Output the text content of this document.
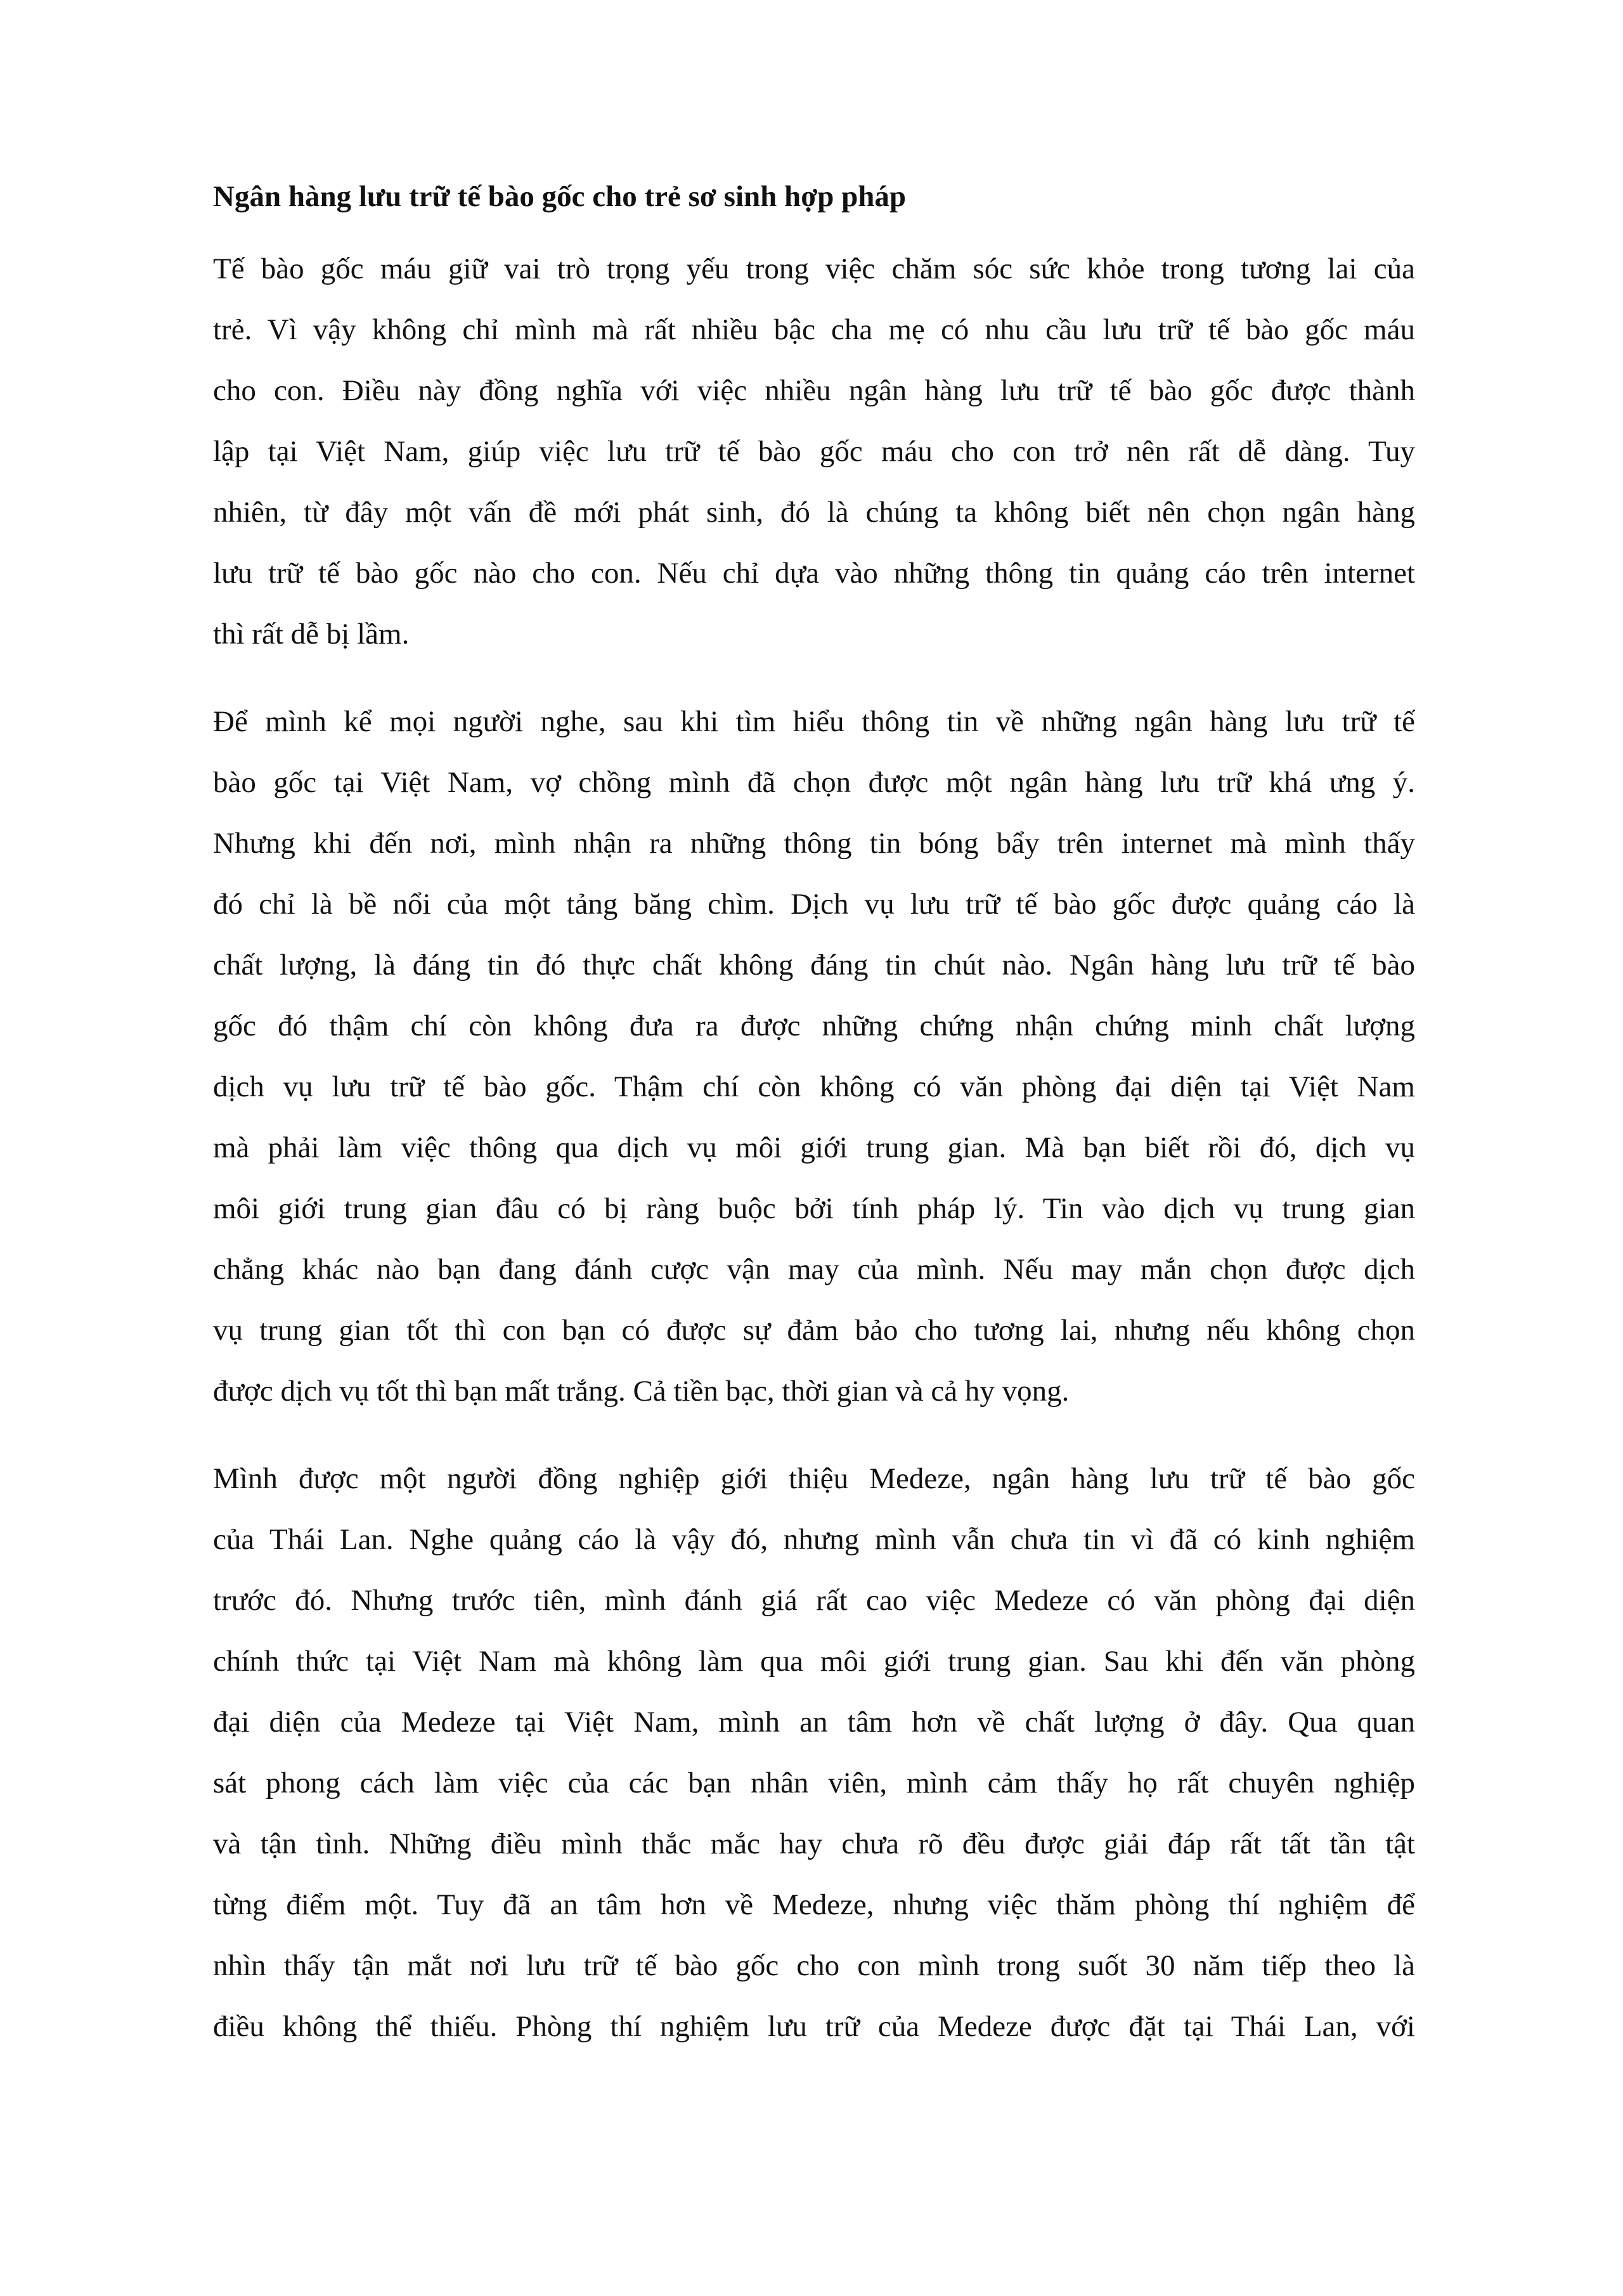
Ngân hàng lưu trữ tế bào gốc cho trẻ sơ sinh hợp pháp
Tế bào gốc máu giữ vai trò trọng yếu trong việc chăm sóc sức khỏe trong tương lai của
trẻ. Vì vậy không chỉ mình mà rất nhiều bậc cha mẹ có nhu cầu lưu trữ tế bào gốc máu
cho con. Điều này đồng nghĩa với việc nhiều ngân hàng lưu trữ tế bào gốc được thành
lập tại Việt Nam, giúp việc lưu trữ tế bào gốc máu cho con trở nên rất dễ dàng. Tuy
nhiên, từ đây một vấn đề mới phát sinh, đó là chúng ta không biết nên chọn ngân hàng
lưu trữ tế bào gốc nào cho con. Nếu chỉ dựa vào những thông tin quảng cáo trên internet
thì rất dễ bị lầm.
Để mình kể mọi người nghe, sau khi tìm hiểu thông tin về những ngân hàng lưu trữ tế
bào gốc tại Việt Nam, vợ chồng mình đã chọn được một ngân hàng lưu trữ khá ưng ý.
Nhưng khi đến nơi, mình nhận ra những thông tin bóng bẩy trên internet mà mình thấy
đó chỉ là bề nổi của một tảng băng chìm. Dịch vụ lưu trữ tế bào gốc được quảng cáo là
chất lượng, là đáng tin đó thực chất không đáng tin chút nào. Ngân hàng lưu trữ tế bào
gốc đó thậm chí còn không đưa ra được những chứng nhận chứng minh chất lượng
dịch vụ lưu trữ tế bào gốc. Thậm chí còn không có văn phòng đại diện tại Việt Nam
mà phải làm việc thông qua dịch vụ môi giới trung gian. Mà bạn biết rồi đó, dịch vụ
môi giới trung gian đâu có bị ràng buộc bởi tính pháp lý. Tin vào dịch vụ trung gian
chẳng khác nào bạn đang đánh cược vận may của mình. Nếu may mắn chọn được dịch
vụ trung gian tốt thì con bạn có được sự đảm bảo cho tương lai, nhưng nếu không chọn
được dịch vụ tốt thì bạn mất trắng. Cả tiền bạc, thời gian và cả hy vọng.
Mình được một người đồng nghiệp giới thiệu Medeze, ngân hàng lưu trữ tế bào gốc
của Thái Lan. Nghe quảng cáo là vậy đó, nhưng mình vẫn chưa tin vì đã có kinh nghiệm
trước đó. Nhưng trước tiên, mình đánh giá rất cao việc Medeze có văn phòng đại diện
chính thức tại Việt Nam mà không làm qua môi giới trung gian. Sau khi đến văn phòng
đại diện của Medeze tại Việt Nam, mình an tâm hơn về chất lượng ở đây. Qua quan
sát phong cách làm việc của các bạn nhân viên, mình cảm thấy họ rất chuyên nghiệp
và tận tình. Những điều mình thắc mắc hay chưa rõ đều được giải đáp rất tất tần tật
từng điểm một. Tuy đã an tâm hơn về Medeze, nhưng việc thăm phòng thí nghiệm để
nhìn thấy tận mắt nơi lưu trữ tế bào gốc cho con mình trong suốt 30 năm tiếp theo là
điều không thể thiếu. Phòng thí nghiệm lưu trữ của Medeze được đặt tại Thái Lan, với
